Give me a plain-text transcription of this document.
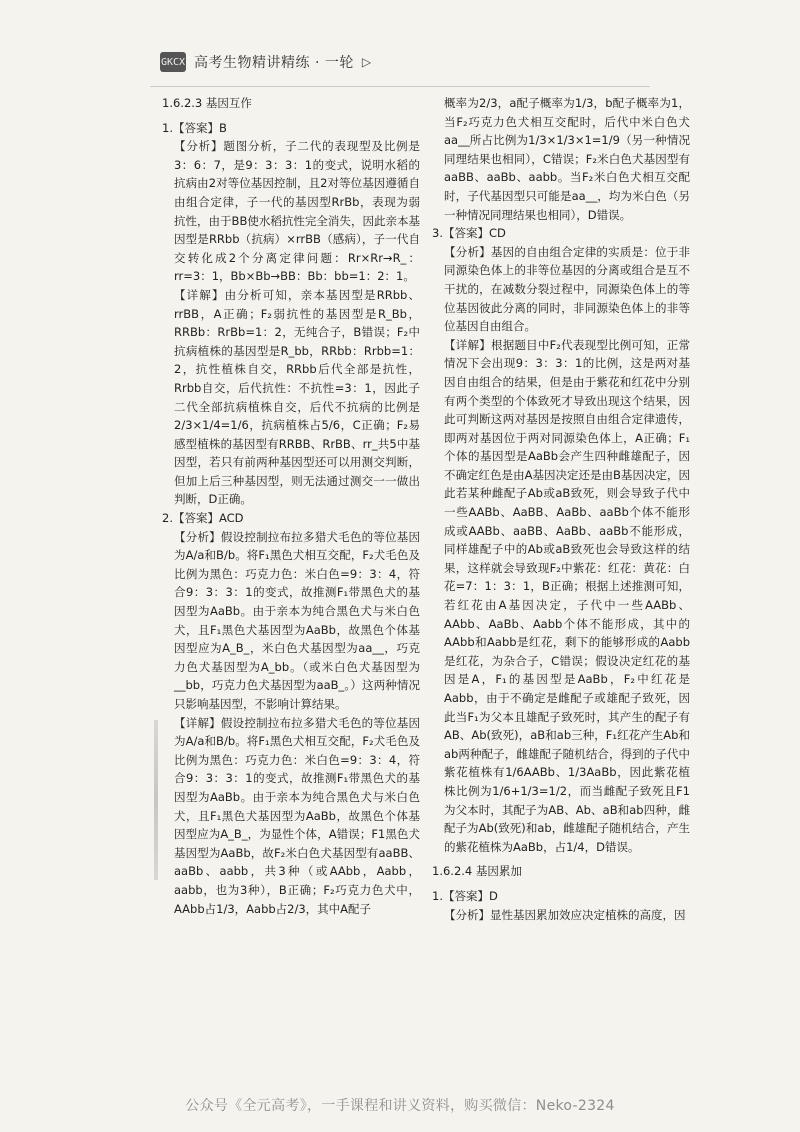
GKCX 高考生物精讲精练 · 一轮 ▷

1.6.2.3 基因互作

1.【答案】B

【分析】题图分析，子二代的表现型及比例是3：6：7，是9：3：3：1的变式，说明水稻的抗病由2对等位基因控制，且2对等位基因遵循自由组合定律，子一代的基因型RrBb，表现为弱抗性，由于BB使水稻抗性完全消失，因此亲本基因型是RRbb（抗病）×rrBB（感病），子一代自交转化成2个分离定律问题：Rr×Rr→R_：rr=3：1，Bb×Bb→BB：Bb：bb=1：2：1。

【详解】由分析可知，亲本基因型是RRbb、rrBB，A正确；F₂弱抗性的基因型是R_Bb，RRBb：RrBb=1：2，无纯合子，B错误；F₂中抗病植株的基因型是R_bb，RRbb：Rrbb=1：2，抗性植株自交，RRbb后代全部是抗性，Rrbb自交，后代抗性：不抗性=3：1，因此子二代全部抗病植株自交，后代不抗病的比例是2/3×1/4=1/6，抗病植株占5/6，C正确；F₂易感型植株的基因型有RRBB、RrBB、rr_共5中基因型，若只有前两种基因型还可以用测交判断，但加上后三种基因型，则无法通过测交一一做出判断，D正确。

2.【答案】ACD

【分析】假设控制拉布拉多猎犬毛色的等位基因为A/a和B/b。将F₁黑色犬相互交配，F₂犬毛色及比例为黑色：巧克力色：米白色=9：3：4，符合9：3：3：1的变式，故推测F₁带黑色犬的基因型为AaBb。由于亲本为纯合黑色犬与米白色犬，且F₁黑色犬基因型为AaBb，故黑色个体基因型应为A_B_，米白色犬基因型为aa__，巧克力色犬基因型为A_bb。（或米白色犬基因型为__bb，巧克力色犬基因型为aaB_。）这两种情况只影响基因型，不影响计算结果。

【详解】假设控制拉布拉多猎犬毛色的等位基因为A/a和B/b。将F₁黑色犬相互交配，F₂犬毛色及比例为黑色：巧克力色：米白色=9：3：4，符合9：3：3：1的变式，故推测F₁带黑色犬的基因型为AaBb。由于亲本为纯合黑色犬与米白色犬，且F₁黑色犬基因型为AaBb，故黑色个体基因型应为A_B_，为显性个体，A错误；F1黑色犬基因型为AaBb，故F₂米白色犬基因型有aaBB、aaBb、aabb，共3种（或AAbb，Aabb，aabb，也为3种），B正确；F₂巧克力色犬中，AAbb占1/3，Aabb占2/3，其中A配子

概率为2/3，a配子概率为1/3，b配子概率为1，当F₂巧克力色犬相互交配时，后代中米白色犬aa__所占比例为1/3×1/3×1=1/9（另一种情况同理结果也相同），C错误；F₂米白色犬基因型有aaBB、aaBb、aabb。当F₂米白色犬相互交配时，子代基因型只可能是aa__，均为米白色（另一种情况同理结果也相同），D错误。

3.【答案】CD

【分析】基因的自由组合定律的实质是：位于非同源染色体上的非等位基因的分离或组合是互不干扰的，在减数分裂过程中，同源染色体上的等位基因彼此分离的同时，非同源染色体上的非等位基因自由组合。

【详解】根据题目中F₂代表现型比例可知，正常情况下会出现9：3：3：1的比例，这是两对基因自由组合的结果，但是由于紫花和红花中分别有两个类型的个体致死才导致出现这个结果，因此可判断这两对基因是按照自由组合定律遗传，即两对基因位于两对同源染色体上，A正确；F₁个体的基因型是AaBb会产生四种雌雄配子，因不确定红色是由A基因决定还是由B基因决定，因此若某种雌配子Ab或aB致死，则会导致子代中一些AABb、AaBB、AaBb、aaBb个体不能形成或AABb、aaBB、AaBb、aaBb不能形成，同样雄配子中的Ab或aB致死也会导致这样的结果，这样就会导致现F₂中紫花：红花：黄花：白花=7：1：3：1，B正确；根据上述推测可知，若红花由A基因决定，子代中一些AABb、AAbb、AaBb、Aabb个体不能形成，其中的AAbb和Aabb是红花，剩下的能够形成的Aabb是红花，为杂合子，C错误；假设决定红花的基因是A，F₁的基因型是AaBb，F₂中红花是Aabb，由于不确定是雌配子或雄配子致死，因此当F₁为父本且雄配子致死时，其产生的配子有AB、Ab(致死)，aB和ab三种，F₁红花产生Ab和ab两种配子，雌雄配子随机结合，得到的子代中紫花植株有1/6AABb、1/3AaBb，因此紫花植株比例为1/6+1/3=1/2，而当雌配子致死且F1为父本时，其配子为AB、Ab、aB和ab四种，雌配子为Ab(致死)和ab，雌雄配子随机结合，产生的紫花植株为AaBb，占1/4，D错误。

1.6.2.4 基因累加

1.【答案】D

【分析】显性基因累加效应决定植株的高度，因

公众号《全元高考》，一手课程和讲义资料，购买微信：Neko-2324
